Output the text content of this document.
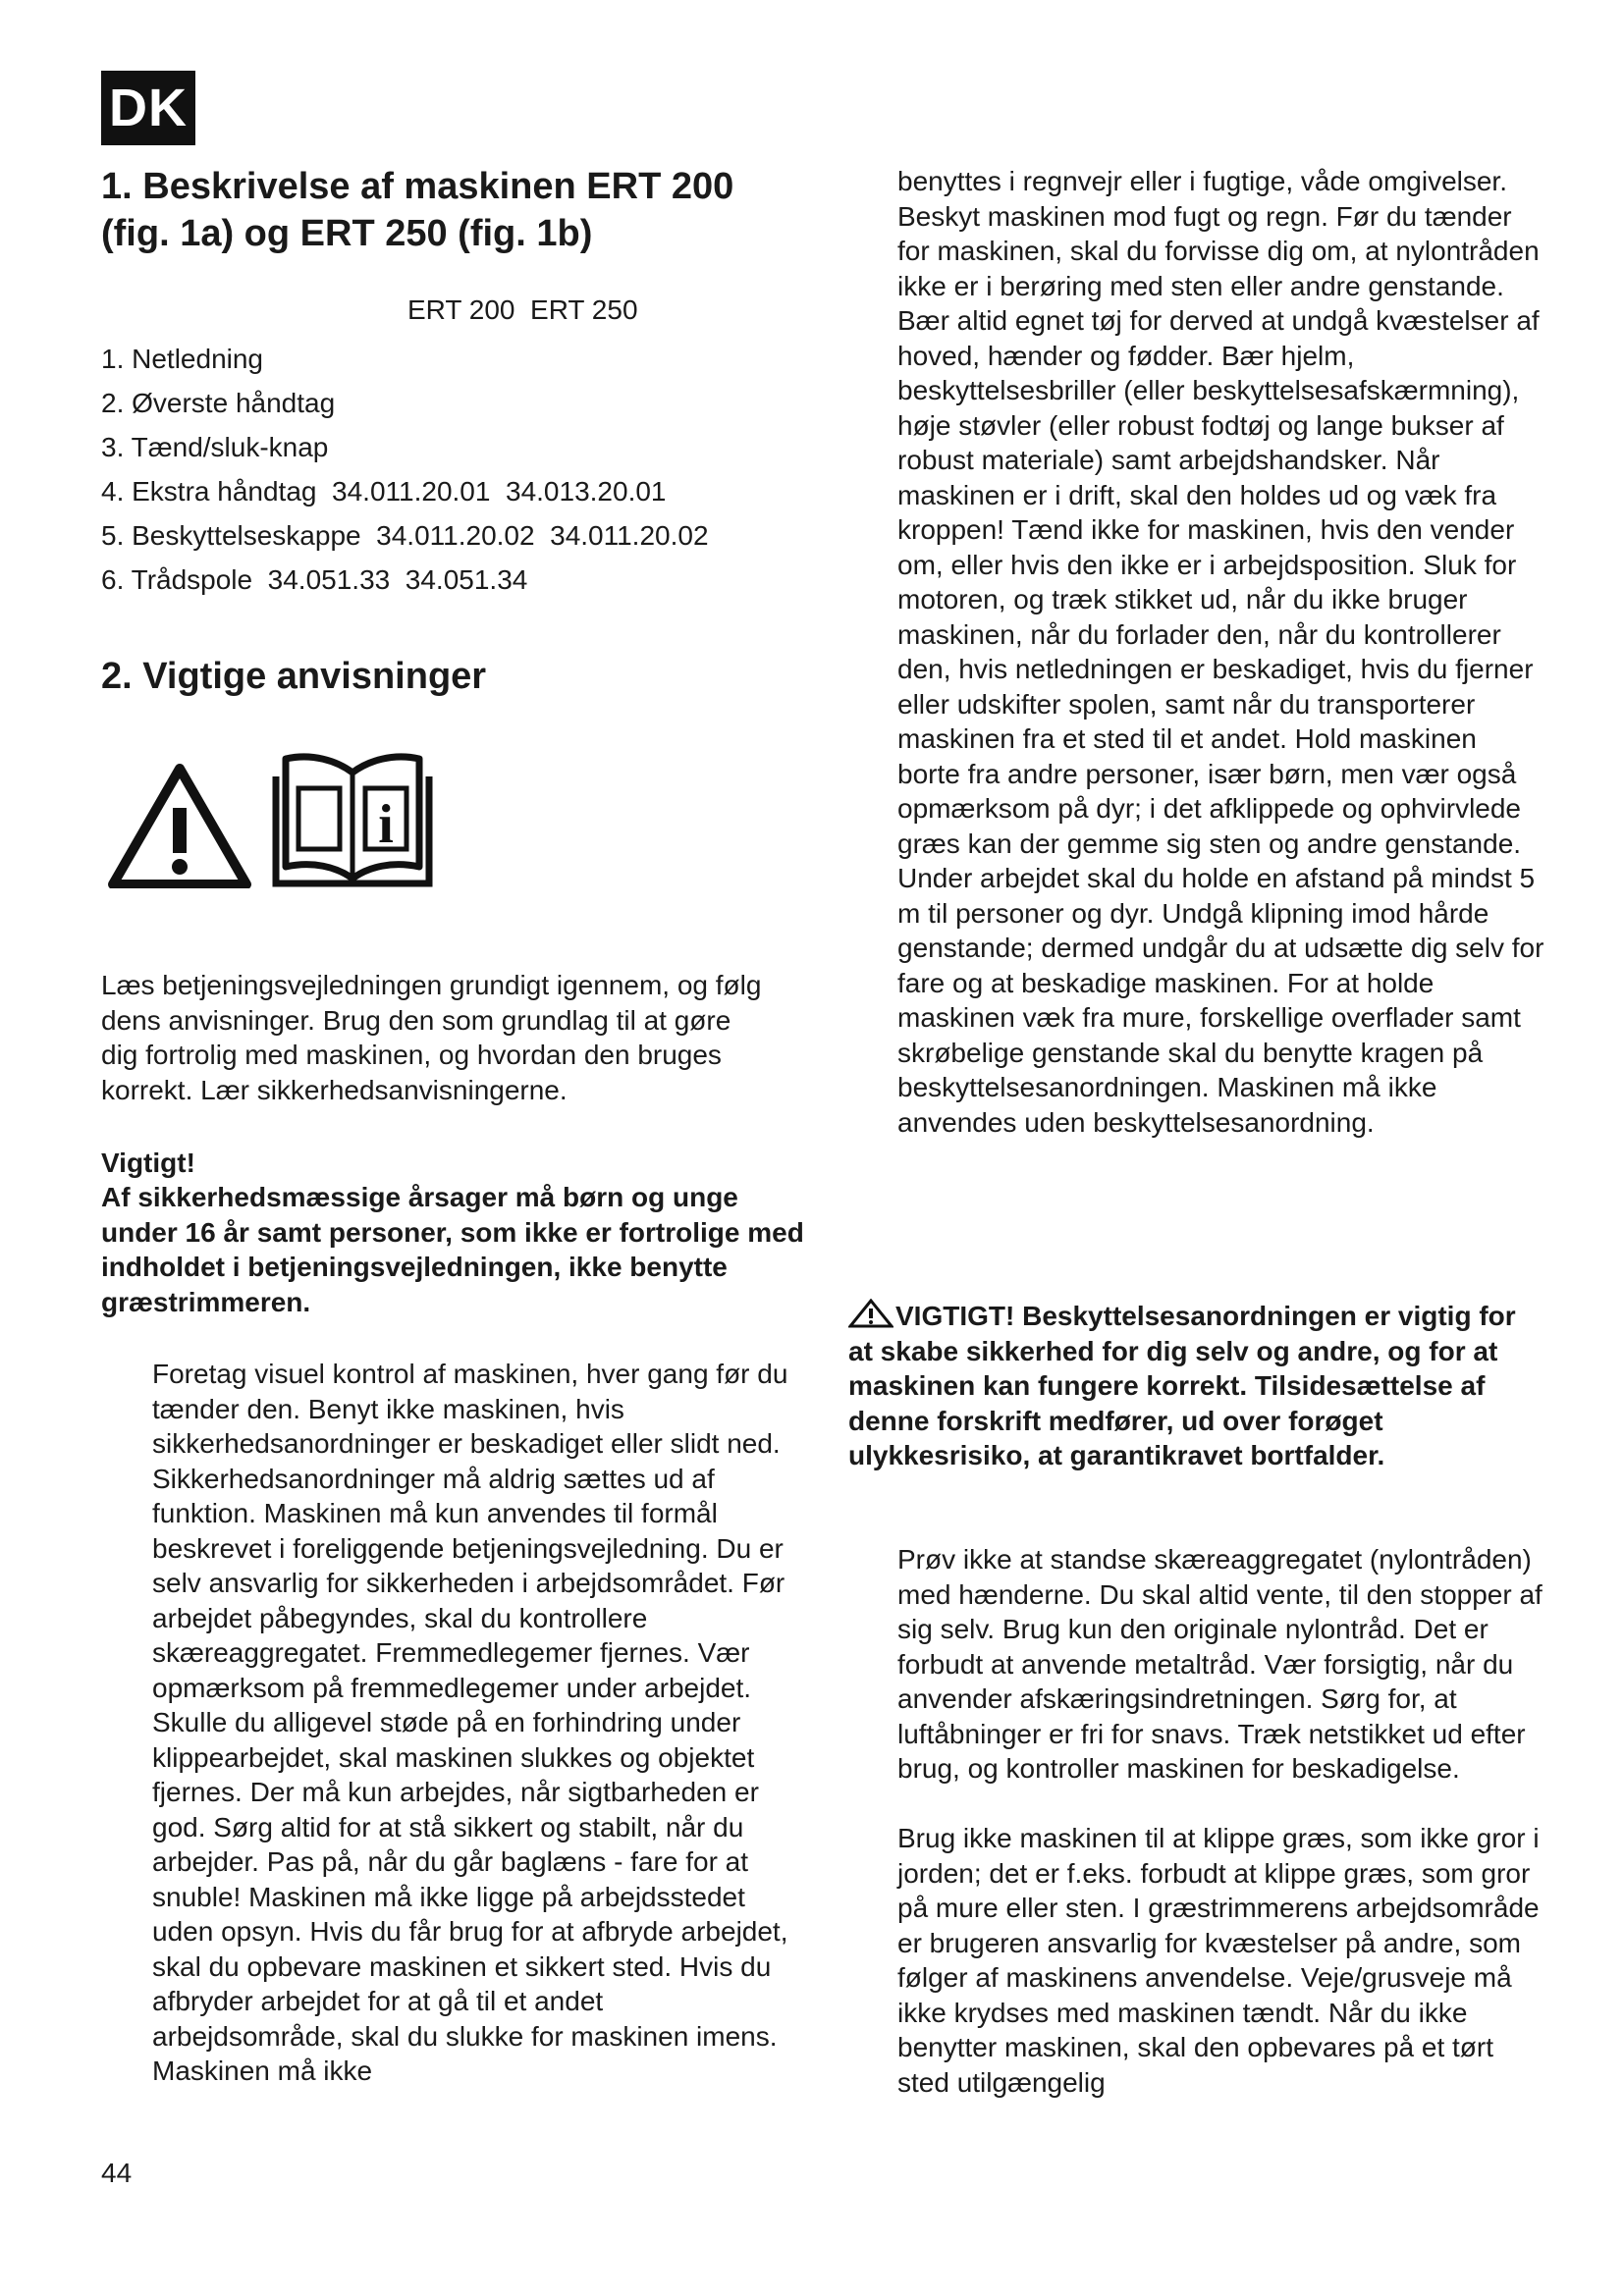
DK
1. Beskrivelse af maskinen ERT 200 (fig. 1a) og ERT 250 (fig. 1b)
ERT 200  ERT 250
1. Netledning
2. Øverste håndtag
3. Tænd/sluk-knap
4. Ekstra håndtag  34.011.20.01  34.013.20.01
5. Beskyttelseskappe  34.011.20.02  34.011.20.02
6. Trådspole  34.051.33  34.051.34
2. Vigtige anvisninger
i

Læs betjeningsvejledningen grundigt igennem, og følg dens anvisninger. Brug den som grundlag til at gøre dig fortrolig med maskinen, og hvordan den bruges korrekt. Lær sikkerhedsanvisningerne.

Vigtigt!

Af sikkerhedsmæssige årsager må børn og unge under 16 år samt personer, som ikke er fortrolige med indholdet i betjeningsvejledningen, ikke benytte græstrimmeren.

Foretag visuel kontrol af maskinen, hver gang før du tænder den. Benyt ikke maskinen, hvis sikkerhedsanordninger er beskadiget eller slidt ned. Sikkerhedsanordninger må aldrig sættes ud af funktion. Maskinen må kun anvendes til formål beskrevet i foreliggende betjeningsvejledning. Du er selv ansvarlig for sikkerheden i arbejdsområdet. Før arbejdet påbegyndes, skal du kontrollere skæreaggregatet. Fremmedlegemer fjernes. Vær opmærksom på fremmedlegemer under arbejdet. Skulle du alligevel støde på en forhindring under klippearbejdet, skal maskinen slukkes og objektet fjernes. Der må kun arbejdes, når sigtbarheden er god. Sørg altid for at stå sikkert og stabilt, når du arbejder. Pas på, når du går baglæns - fare for at snuble! Maskinen må ikke ligge på arbejdsstedet uden opsyn. Hvis du får brug for at afbryde arbejdet, skal du opbevare maskinen et sikkert sted. Hvis du afbryder arbejdet for at gå til et andet arbejdsområde, skal du slukke for maskinen imens. Maskinen må ikke

benyttes i regnvejr eller i fugtige, våde omgivelser. Beskyt maskinen mod fugt og regn. Før du tænder for maskinen, skal du forvisse dig om, at nylontråden ikke er i berøring med sten eller andre genstande. Bær altid egnet tøj for derved at undgå kvæstelser af hoved, hænder og fødder. Bær hjelm, beskyttelsesbriller (eller beskyttelsesafskærmning), høje støvler (eller robust fodtøj og lange bukser af robust materiale) samt arbejdshandsker. Når maskinen er i drift, skal den holdes ud og væk fra kroppen! Tænd ikke for maskinen, hvis den vender om, eller hvis den ikke er i arbejdsposition. Sluk for motoren, og træk stikket ud, når du ikke bruger maskinen, når du forlader den, når du kontrollerer den, hvis netledningen er beskadiget, hvis du fjerner eller udskifter spolen, samt når du transporterer maskinen fra et sted til et andet. Hold maskinen borte fra andre personer, især børn, men vær også opmærksom på dyr; i det afklippede og ophvirvlede græs kan der gemme sig sten og andre genstande. Under arbejdet skal du holde en afstand på mindst 5 m til personer og dyr. Undgå klipning imod hårde genstande; dermed undgår du at udsætte dig selv for fare og at beskadige maskinen. For at holde maskinen væk fra mure, forskellige overflader samt skrøbelige genstande skal du benytte kragen på beskyttelsesanordningen. Maskinen må ikke anvendes uden beskyttelsesanordning.

VIGTIGT! Beskyttelsesanordningen er vigtig for at skabe sikkerhed for dig selv og andre, og for at maskinen kan fungere korrekt. Tilsidesættelse af denne forskrift medfører, ud over forøget ulykkesrisiko, at garantikravet bortfalder.

Prøv ikke at standse skæreaggregatet (nylontråden) med hænderne. Du skal altid vente, til den stopper af sig selv. Brug kun den originale nylontråd. Det er forbudt at anvende metaltråd. Vær forsigtig, når du anvender afskæringsindretningen. Sørg for, at luftåbninger er fri for snavs. Træk netstikket ud efter brug, og kontroller maskinen for beskadigelse.

Brug ikke maskinen til at klippe græs, som ikke gror i jorden; det er f.eks. forbudt at klippe græs, som gror på mure eller sten. I græstrimmerens arbejdsområde er brugeren ansvarlig for kvæstelser på andre, som følger af maskinens anvendelse. Veje/grusveje må ikke krydses med maskinen tændt. Når du ikke benytter maskinen, skal den opbevares på et tørt sted utilgængelig

44
